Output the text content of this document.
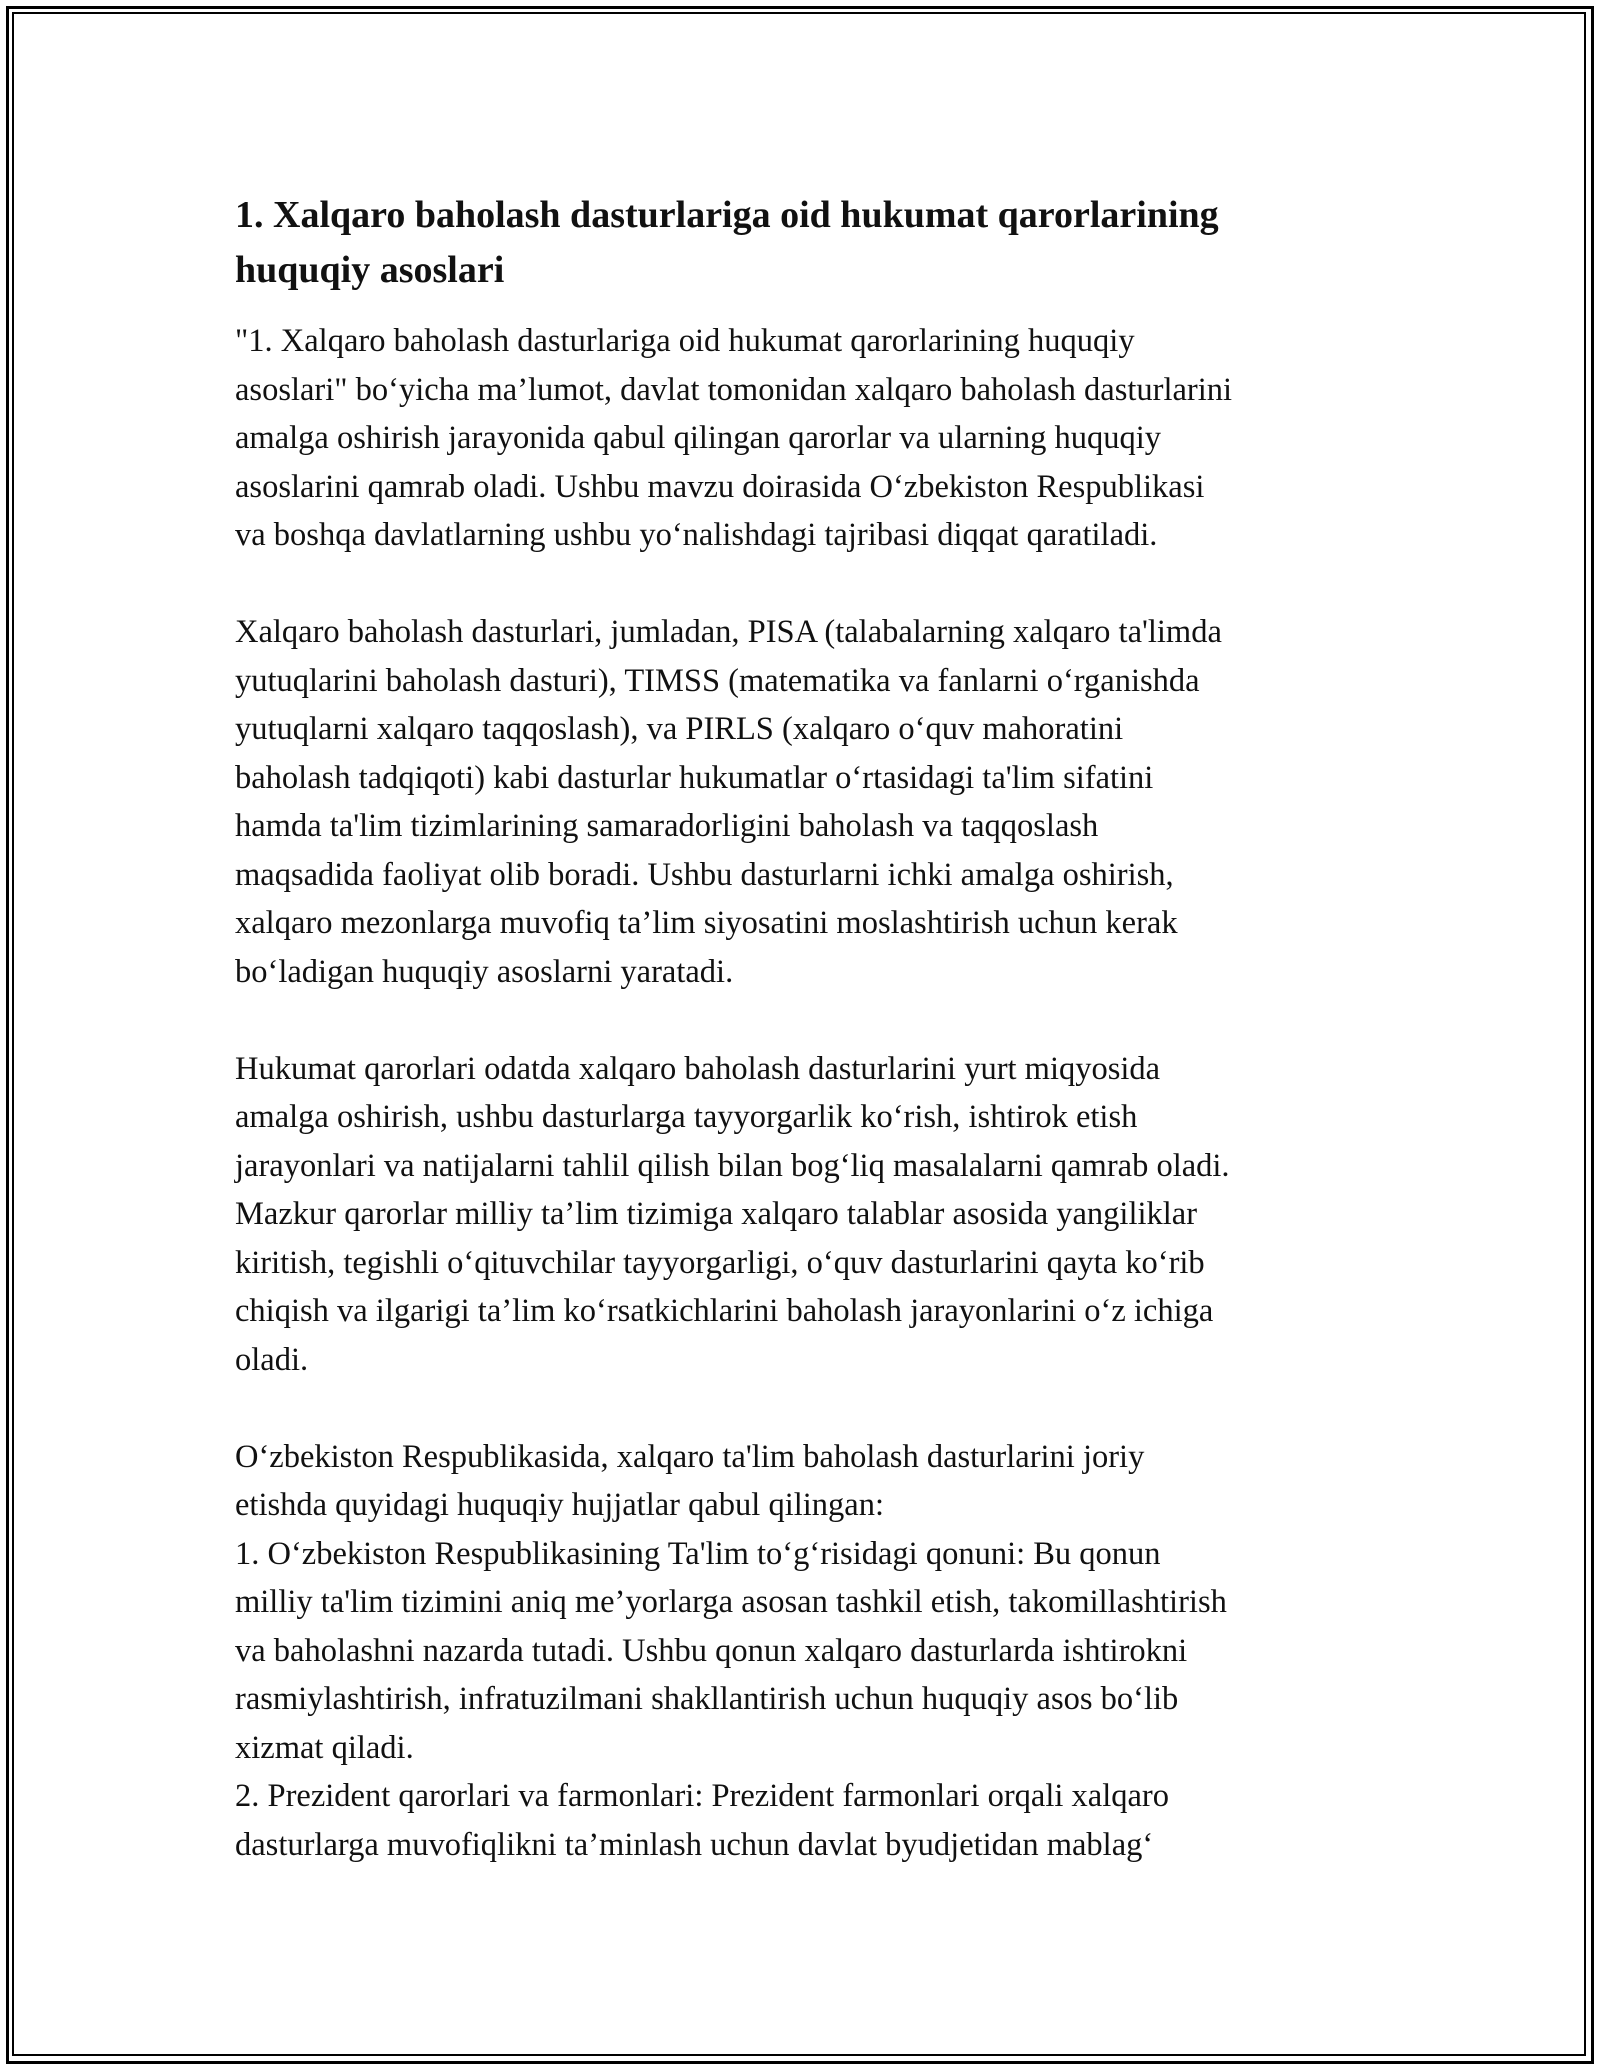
1. Xalqaro baholash dasturlariga oid hukumat qarorlarining
huquqiy asoslari

"1. Xalqaro baholash dasturlariga oid hukumat qarorlarining huquqiy
asoslari" bo‘yicha ma’lumot, davlat tomonidan xalqaro baholash dasturlarini
amalga oshirish jarayonida qabul qilingan qarorlar va ularning huquqiy
asoslarini qamrab oladi. Ushbu mavzu doirasida O‘zbekiston Respublikasi
va boshqa davlatlarning ushbu yo‘nalishdagi tajribasi diqqat qaratiladi.

Xalqaro baholash dasturlari, jumladan, PISA (talabalarning xalqaro ta'limda
yutuqlarini baholash dasturi), TIMSS (matematika va fanlarni o‘rganishda
yutuqlarni xalqaro taqqoslash), va PIRLS (xalqaro o‘quv mahoratini
baholash tadqiqoti) kabi dasturlar hukumatlar o‘rtasidagi ta'lim sifatini
hamda ta'lim tizimlarining samaradorligini baholash va taqqoslash
maqsadida faoliyat olib boradi. Ushbu dasturlarni ichki amalga oshirish,
xalqaro mezonlarga muvofiq ta’lim siyosatini moslashtirish uchun kerak
bo‘ladigan huquqiy asoslarni yaratadi.

Hukumat qarorlari odatda xalqaro baholash dasturlarini yurt miqyosida
amalga oshirish, ushbu dasturlarga tayyorgarlik ko‘rish, ishtirok etish
jarayonlari va natijalarni tahlil qilish bilan bog‘liq masalalarni qamrab oladi.
Mazkur qarorlar milliy ta’lim tizimiga xalqaro talablar asosida yangiliklar
kiritish, tegishli o‘qituvchilar tayyorgarligi, o‘quv dasturlarini qayta ko‘rib
chiqish va ilgarigi ta’lim ko‘rsatkichlarini baholash jarayonlarini o‘z ichiga
oladi.

O‘zbekiston Respublikasida, xalqaro ta'lim baholash dasturlarini joriy
etishda quyidagi huquqiy hujjatlar qabul qilingan:
1. O‘zbekiston Respublikasining Ta'lim to‘g‘risidagi qonuni: Bu qonun
milliy ta'lim tizimini aniq me’yorlarga asosan tashkil etish, takomillashtirish
va baholashni nazarda tutadi. Ushbu qonun xalqaro dasturlarda ishtirokni
rasmiylashtirish, infratuzilmani shakllantirish uchun huquqiy asos bo‘lib
xizmat qiladi.
2. Prezident qarorlari va farmonlari: Prezident farmonlari orqali xalqaro
dasturlarga muvofiqlikni ta’minlash uchun davlat byudjetidan mablag‘
